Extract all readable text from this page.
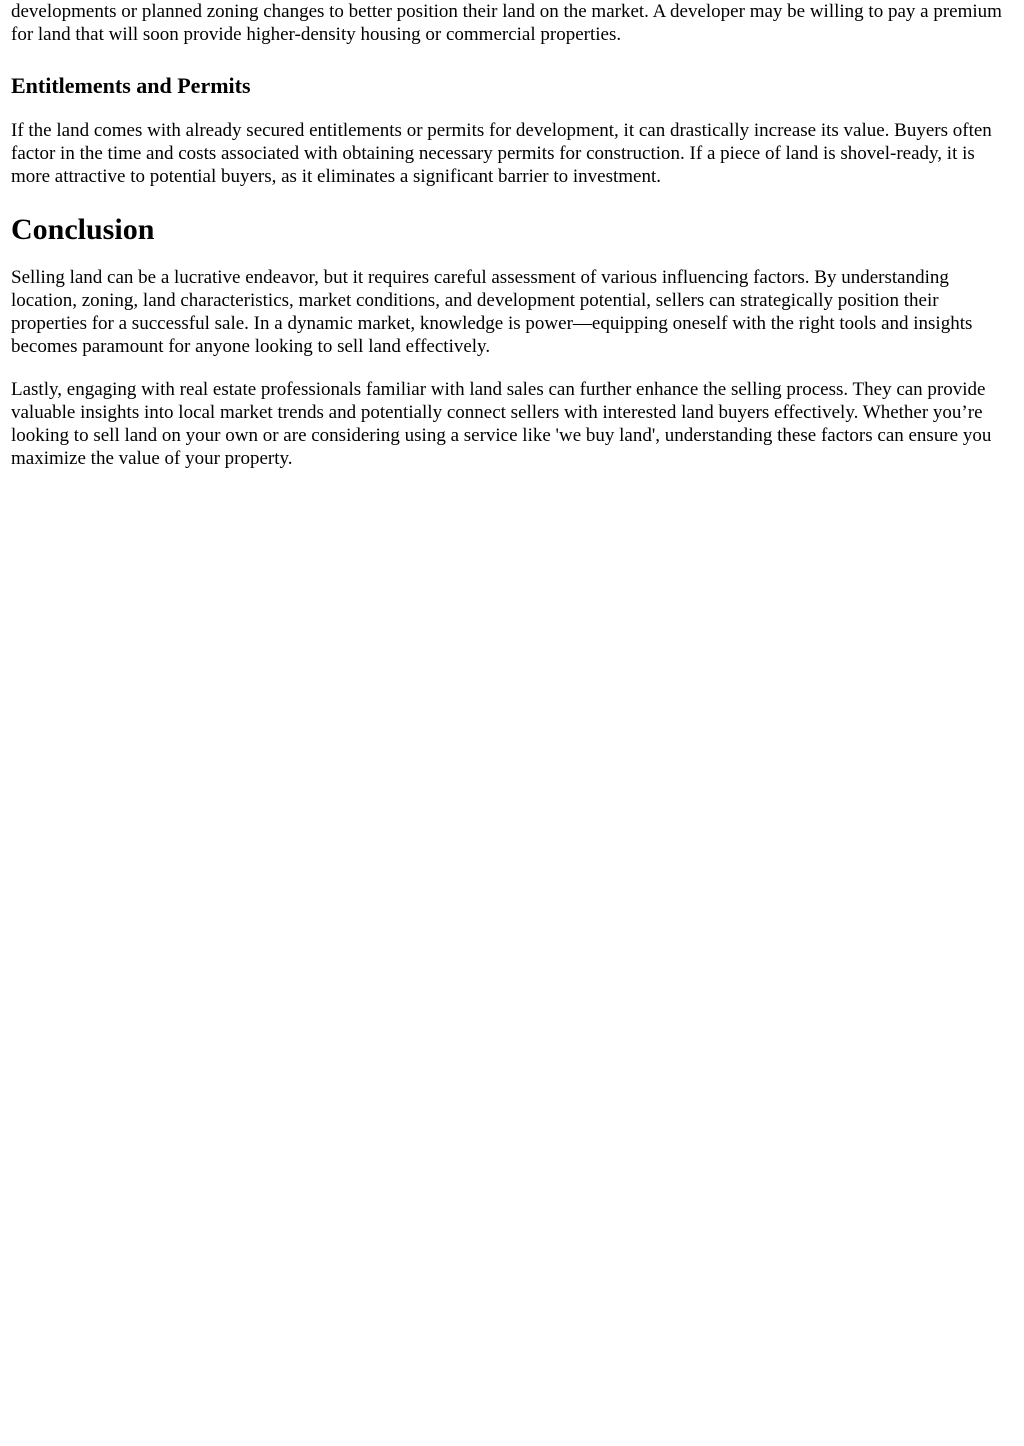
developments or planned zoning changes to better position their land on the market. A developer may be willing to pay a premium for land that will soon provide higher-density housing or commercial properties.

Entitlements and Permits

If the land comes with already secured entitlements or permits for development, it can drastically increase its value. Buyers often factor in the time and costs associated with obtaining necessary permits for construction. If a piece of land is shovel-ready, it is more attractive to potential buyers, as it eliminates a significant barrier to investment.

Conclusion

Selling land can be a lucrative endeavor, but it requires careful assessment of various influencing factors. By understanding location, zoning, land characteristics, market conditions, and development potential, sellers can strategically position their properties for a successful sale. In a dynamic market, knowledge is power—equipping oneself with the right tools and insights becomes paramount for anyone looking to sell land effectively.

Lastly, engaging with real estate professionals familiar with land sales can further enhance the selling process. They can provide valuable insights into local market trends and potentially connect sellers with interested land buyers effectively. Whether you’re looking to sell land on your own or are considering using a service like 'we buy land', understanding these factors can ensure you maximize the value of your property.
